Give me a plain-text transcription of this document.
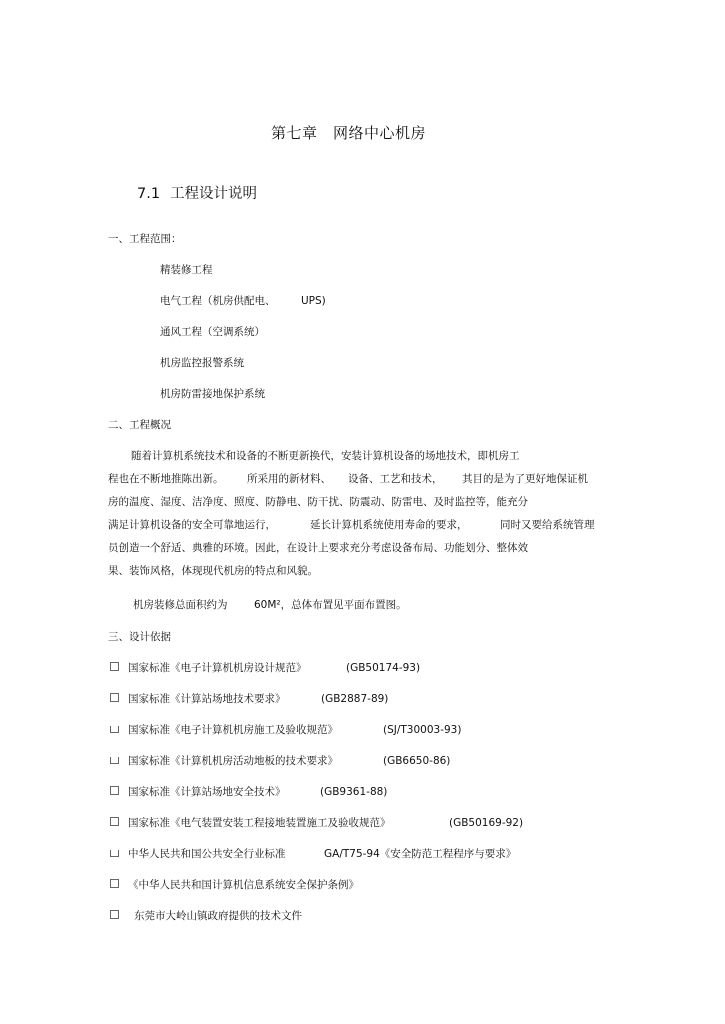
第七章　网络中心机房
7.1 工程设计说明
一、工程范围：
精装修工程
电气工程（机房供配电、 UPS)
通风工程（空调系统）
机房监控报警系统
机房防雷接地保护系统
二、工程概况
随着计算机系统技术和设备的不断更新换代，安装计算机设备的场地技术，即机房工
程也在不断地推陈出新。 所采用的新材料、 设备、工艺和技术， 其目的是为了更好地保证机
房的温度、湿度、洁净度、照度、防静电、防干扰、防震动、防雷电、及时监控等，能充分
满足计算机设备的安全可靠地运行，	延长计算机系统使用寿命的要求，	同时又要给系统管理
员创造一个舒适、典雅的环境。因此，在设计上要求充分考虑设备布局、功能划分、整体效
果、装饰风格，体现现代机房的特点和风貌。
机房装修总面积约为	60M²，总体布置见平面布置图。
三、设计依据
国家标准《电子计算机机房设计规范》	(GB50174-93)
国家标准《计算站场地技术要求》	(GB2887-89)
国家标准《电子计算机机房施工及验收规范》	(SJ/T30003-93)
国家标准《计算机机房活动地板的技术要求》	(GB6650-86)
国家标准《计算站场地安全技术》	(GB9361-88)
国家标准《电气装置安装工程接地装置施工及验收规范》	(GB50169-92)
中华人民共和国公共安全行业标准	GA/T75-94《安全防范工程程序与要求》
《中华人民共和国计算机信息系统安全保护条例》
东莞市大岭山镇政府提供的技术文件
